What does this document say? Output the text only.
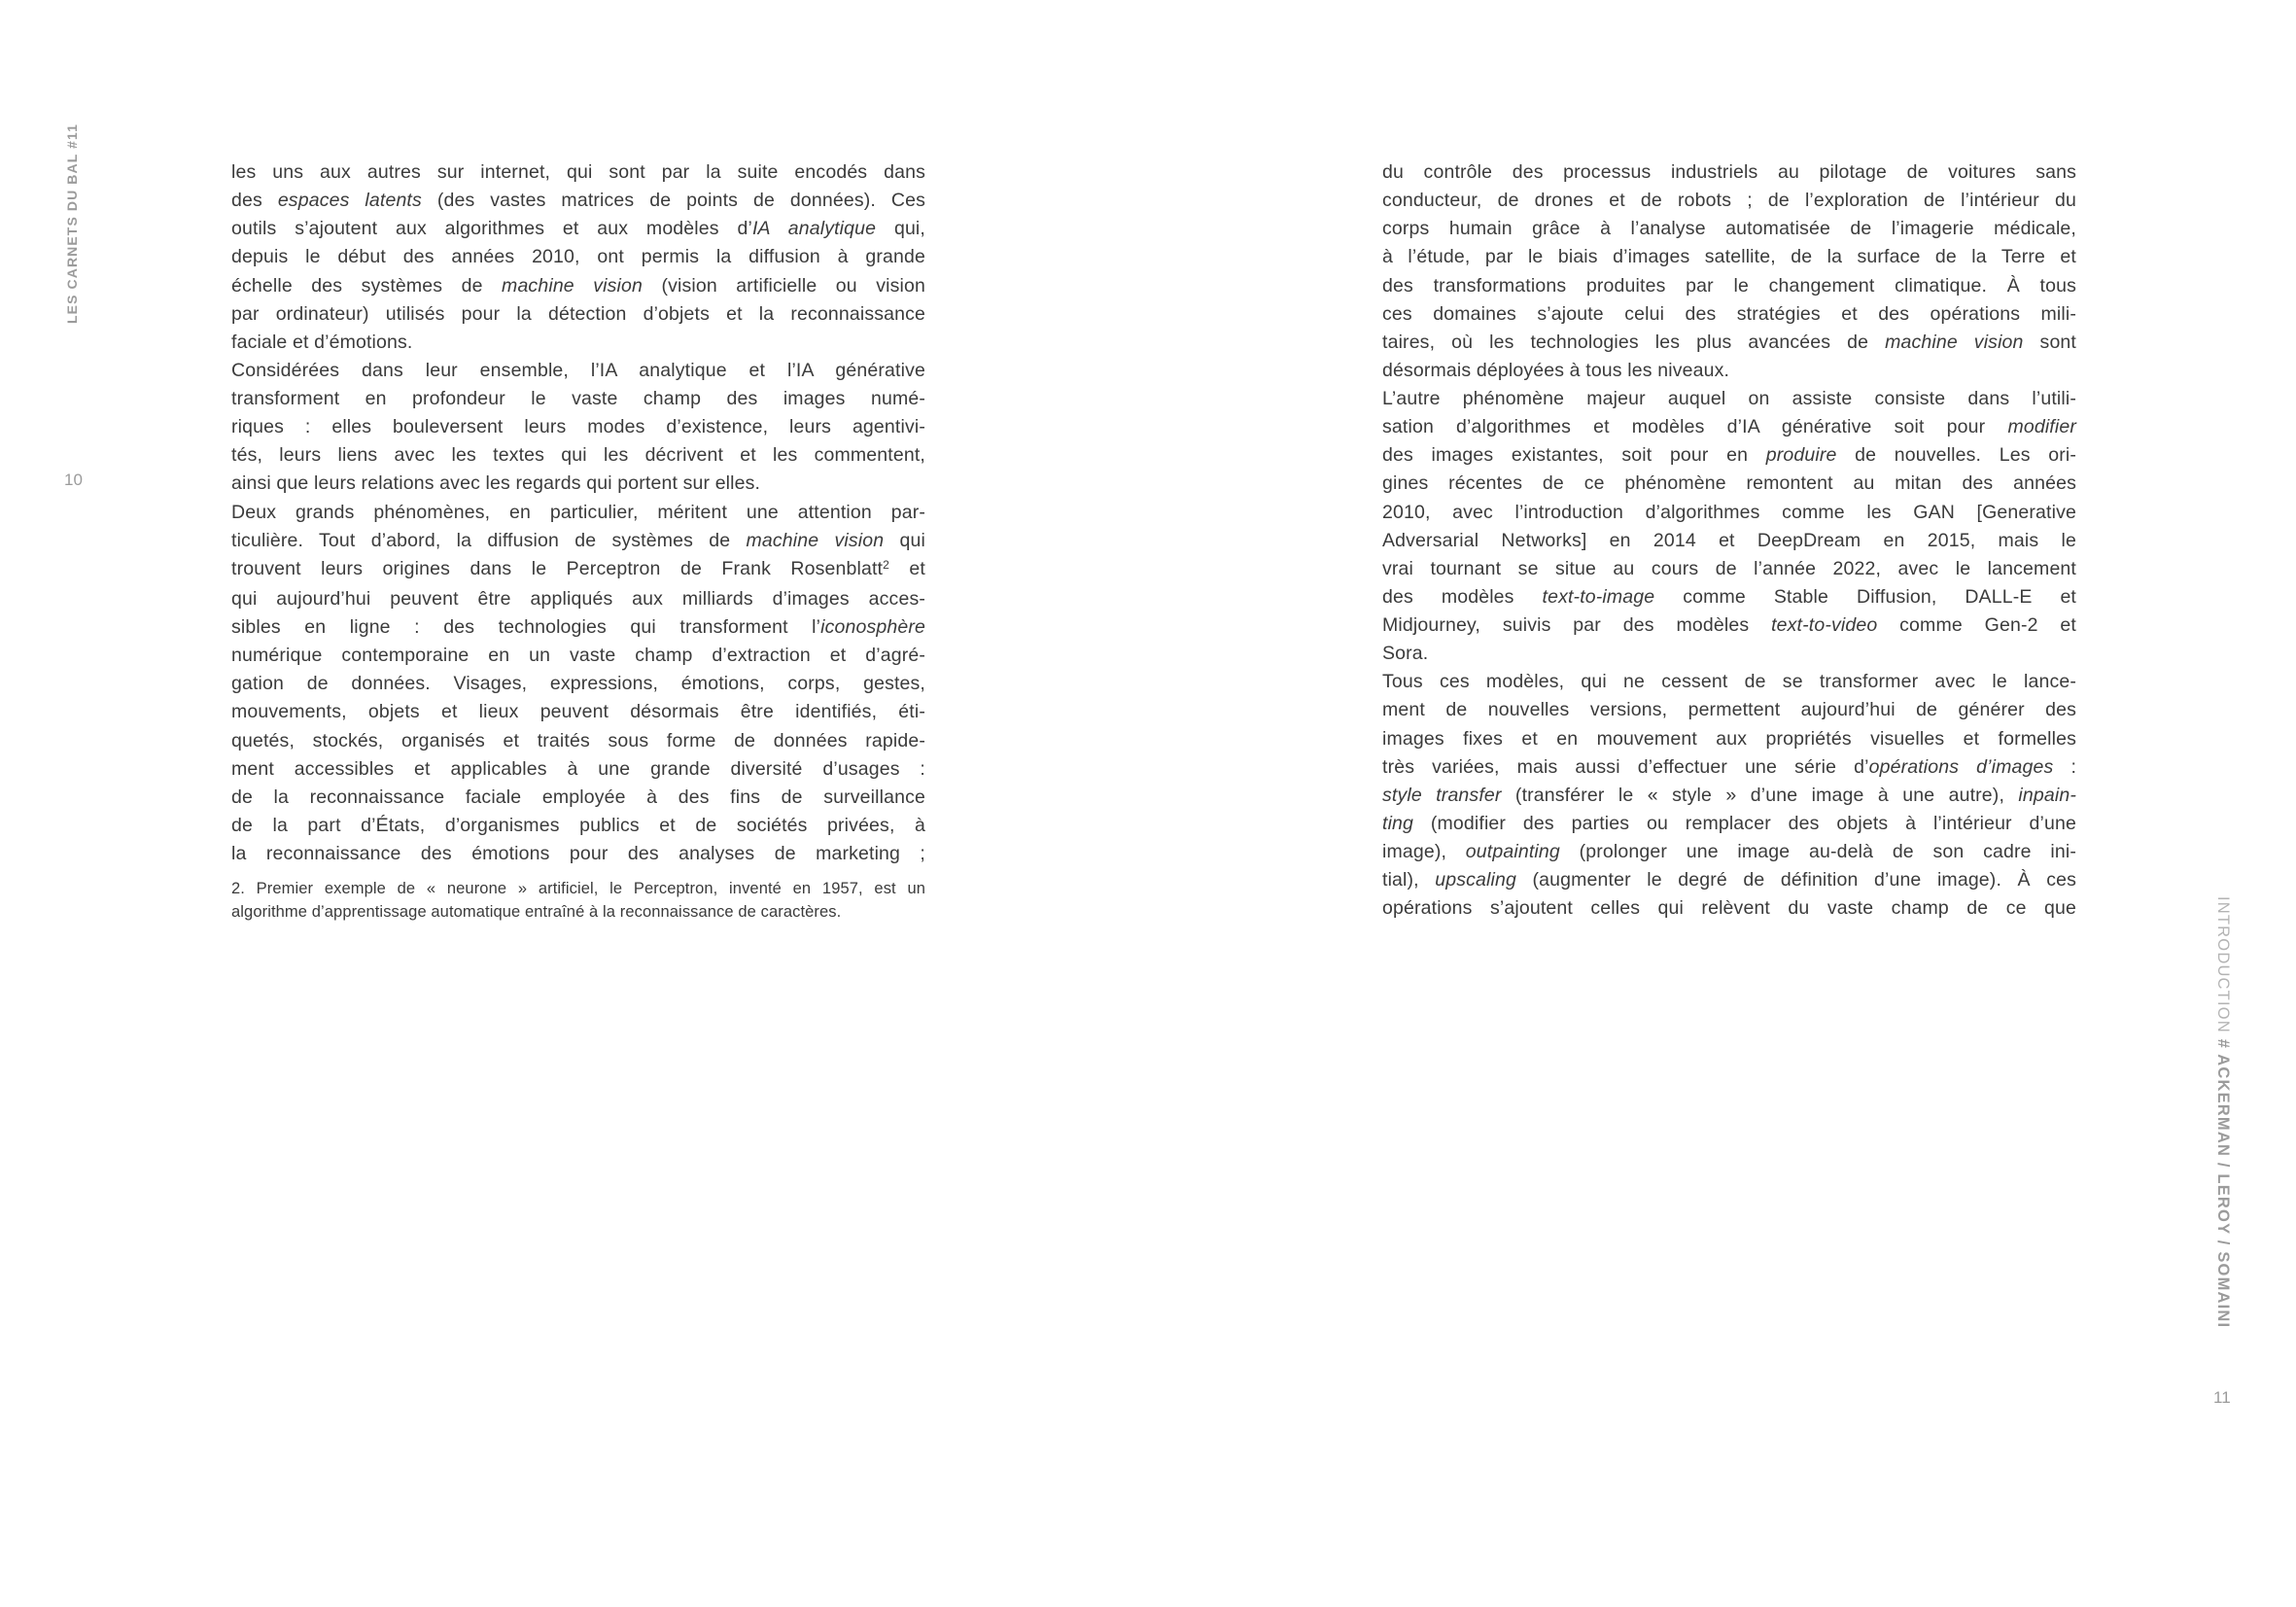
LES CARNETS DU BAL #11
10
les uns aux autres sur internet, qui sont par la suite encodés dans
des espaces latents (des vastes matrices de points de données). Ces
outils s’ajoutent aux algorithmes et aux modèles d’IA analytique qui,
depuis le début des années 2010, ont permis la diffusion à grande
échelle des systèmes de machine vision (vision artificielle ou vision
par ordinateur) utilisés pour la détection d’objets et la reconnaissance
faciale et d’émotions.
Considérées dans leur ensemble, l’IA analytique et l’IA générative
transforment en profondeur le vaste champ des images numé-
riques : elles bouleversent leurs modes d’existence, leurs agentivi-
tés, leurs liens avec les textes qui les décrivent et les commentent,
ainsi que leurs relations avec les regards qui portent sur elles.
Deux grands phénomènes, en particulier, méritent une attention par-
ticulière. Tout d’abord, la diffusion de systèmes de machine vision qui
trouvent leurs origines dans le Perceptron de Frank Rosenblatt$^2$ et
qui aujourd’hui peuvent être appliqués aux milliards d’images acces-
sibles en ligne : des technologies qui transforment l’iconosphère
numérique contemporaine en un vaste champ d’extraction et d’agré-
gation de données. Visages, expressions, émotions, corps, gestes,
mouvements, objets et lieux peuvent désormais être identifiés, éti-
quetés, stockés, organisés et traités sous forme de données rapide-
ment accessibles et applicables à une grande diversité d’usages :
de la reconnaissance faciale employée à des fins de surveillance
de la part d’États, d’organismes publics et de sociétés privées, à
la reconnaissance des émotions pour des analyses de marketing ;
2. Premier exemple de « neurone » artificiel, le Perceptron, inventé en 1957, est un
algorithme d’apprentissage automatique entraîné à la reconnaissance de caractères.
du contrôle des processus industriels au pilotage de voitures sans
conducteur, de drones et de robots ; de l’exploration de l’intérieur du
corps humain grâce à l’analyse automatisée de l’imagerie médicale,
à l’étude, par le biais d’images satellite, de la surface de la Terre et
des transformations produites par le changement climatique. À tous
ces domaines s’ajoute celui des stratégies et des opérations mili-
taires, où les technologies les plus avancées de machine vision sont
désormais déployées à tous les niveaux.
L’autre phénomène majeur auquel on assiste consiste dans l’utili-
sation d’algorithmes et modèles d’IA générative soit pour modifier
des images existantes, soit pour en produire de nouvelles. Les ori-
gines récentes de ce phénomène remontent au mitan des années
2010, avec l’introduction d’algorithmes comme les GAN [Generative
Adversarial Networks] en 2014 et DeepDream en 2015, mais le
vrai tournant se situe au cours de l’année 2022, avec le lancement
des modèles text-to-image comme Stable Diffusion, DALL-E et
Midjourney, suivis par des modèles text-to-video comme Gen-2 et
Sora.
Tous ces modèles, qui ne cessent de se transformer avec le lance-
ment de nouvelles versions, permettent aujourd’hui de générer des
images fixes et en mouvement aux propriétés visuelles et formelles
très variées, mais aussi d’effectuer une série d’opérations d’images :
style transfer (transférer le « style » d’une image à une autre), inpain-
ting (modifier des parties ou remplacer des objets à l’intérieur d’une
image), outpainting (prolonger une image au-delà de son cadre ini-
tial), upscaling (augmenter le degré de définition d’une image). À ces
opérations s’ajoutent celles qui relèvent du vaste champ de ce que	INTRODUCTION # ACKERMAN / LEROY / SOMAINI
11
